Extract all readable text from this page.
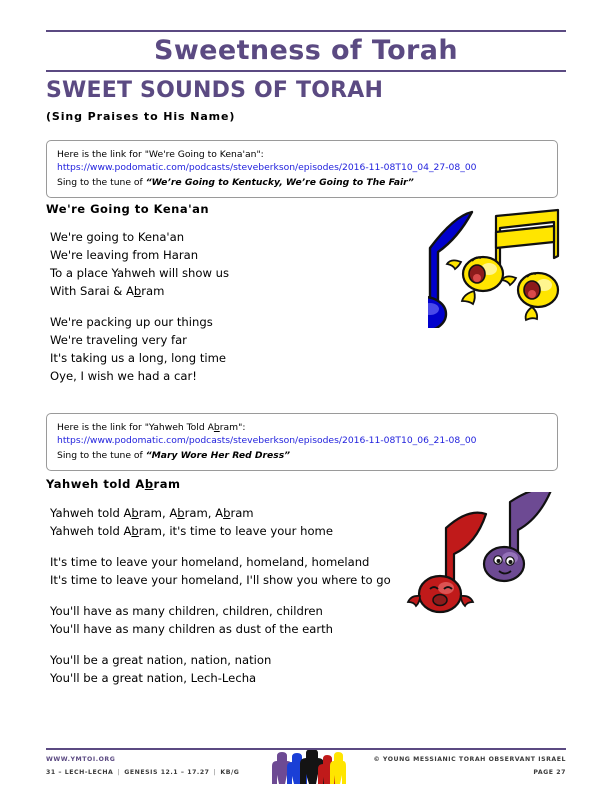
Sweetness of Torah
SWEET SOUNDS OF TORAH
(Sing Praises to His Name)
Here is the link for "We're Going to Kena'an":
https://www.podomatic.com/podcasts/steveberkson/episodes/2016-11-08T10_04_27-08_00
Sing to the tune of “We’re Going to Kentucky, We’re Going to The Fair”
We're Going to Kena'an
We're going to Kena'an
We're leaving from Haran
To a place Yahweh will show us
With Sarai & Abram
We're packing up our things
We're traveling very far
It's taking us a long, long time
Oye, I wish we had a car!
Here is the link for "Yahweh Told Abram":
https://www.podomatic.com/podcasts/steveberkson/episodes/2016-11-08T10_06_21-08_00
Sing to the tune of “Mary Wore Her Red Dress”
Yahweh told Abram
Yahweh told Abram, Abram, Abram
Yahweh told Abram, it's time to leave your home
It's time to leave your homeland, homeland, homeland
It's time to leave your homeland, I'll show you where to go
You'll have as many children, children, children
You'll have as many children as dust of the earth
You'll be a great nation, nation, nation
You'll be a great nation, Lech-Lecha
WWW.YMTOI.ORG
31 – LECH-LECHA | GENESIS 12.1 – 17.27 | KB/G
© YOUNG MESSIANIC TORAH OBSERVANT ISRAEL
PAGE 27
